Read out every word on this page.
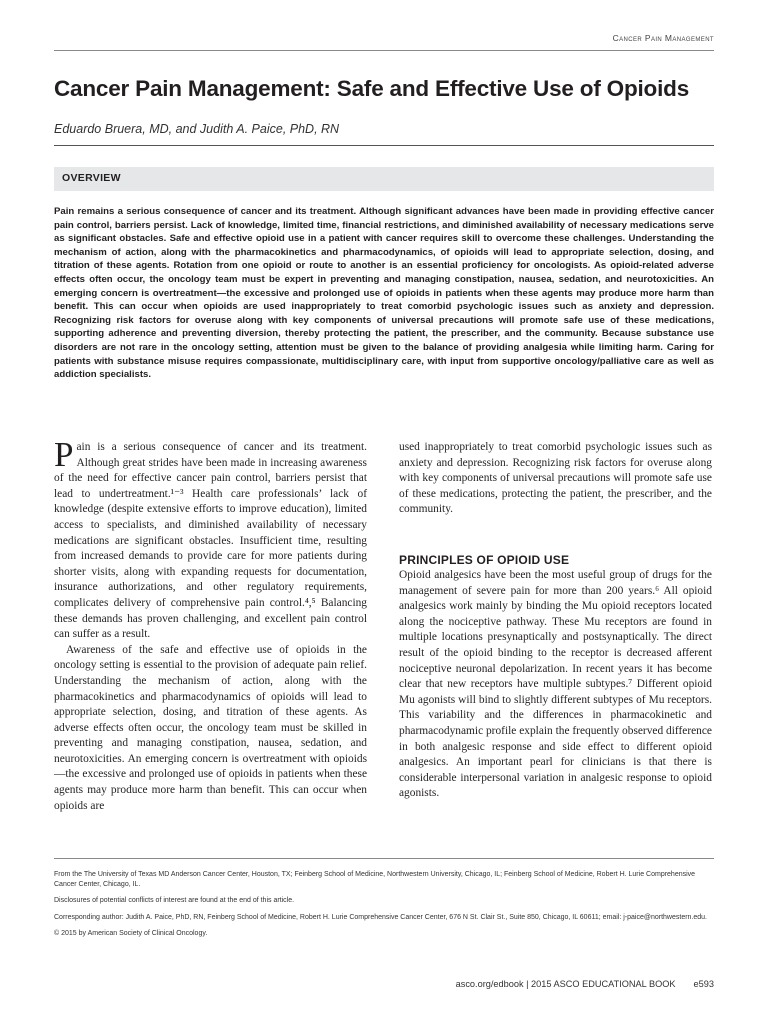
Cancer Pain Management
Cancer Pain Management: Safe and Effective Use of Opioids
Eduardo Bruera, MD, and Judith A. Paice, PhD, RN
OVERVIEW

Pain remains a serious consequence of cancer and its treatment. Although significant advances have been made in providing effective cancer pain control, barriers persist. Lack of knowledge, limited time, financial restrictions, and diminished availability of necessary medications serve as significant obstacles. Safe and effective opioid use in a patient with cancer requires skill to overcome these challenges. Understanding the mechanism of action, along with the pharmacokinetics and pharmacodynamics, of opioids will lead to appropriate selection, dosing, and titration of these agents. Rotation from one opioid or route to another is an essential proficiency for oncologists. As opioid-related adverse effects often occur, the oncology team must be expert in preventing and managing constipation, nausea, sedation, and neurotoxicities. An emerging concern is overtreatment—the excessive and prolonged use of opioids in patients when these agents may produce more harm than benefit. This can occur when opioids are used inappropriately to treat comorbid psychologic issues such as anxiety and depression. Recognizing risk factors for overuse along with key components of universal precautions will promote safe use of these medications, supporting adherence and preventing diversion, thereby protecting the patient, the prescriber, and the community. Because substance use disorders are not rare in the oncology setting, attention must be given to the balance of providing analgesia while limiting harm. Caring for patients with substance misuse requires compassionate, multidisciplinary care, with input from supportive oncology/palliative care as well as addiction specialists.

Pain is a serious consequence of cancer and its treatment. Although great strides have been made in increasing awareness of the need for effective cancer pain control, barriers persist that lead to undertreatment.¹⁻³ Health care professionals’ lack of knowledge (despite extensive efforts to improve education), limited access to specialists, and diminished availability of necessary medications are significant obstacles. Insufficient time, resulting from increased demands to provide care for more patients during shorter visits, along with expanding requests for documentation, insurance authorizations, and other regulatory requirements, complicates delivery of comprehensive pain control.⁴,⁵ Balancing these demands has proven challenging, and excellent pain control can suffer as a result.

Awareness of the safe and effective use of opioids in the oncology setting is essential to the provision of adequate pain relief. Understanding the mechanism of action, along with the pharmacokinetics and pharmacodynamics of opioids will lead to appropriate selection, dosing, and titration of these agents. As adverse effects often occur, the oncology team must be skilled in preventing and managing constipation, nausea, sedation, and neurotoxicities. An emerging concern is overtreatment with opioids—the excessive and prolonged use of opioids in patients when these agents may produce more harm than benefit. This can occur when opioids are

used inappropriately to treat comorbid psychologic issues such as anxiety and depression. Recognizing risk factors for overuse along with key components of universal precautions will promote safe use of these medications, protecting the patient, the prescriber, and the community.

PRINCIPLES OF OPIOID USE

Opioid analgesics have been the most useful group of drugs for the management of severe pain for more than 200 years.⁶ All opioid analgesics work mainly by binding the Mu opioid receptors located along the nociceptive pathway. These Mu receptors are found in multiple locations presynaptically and postsynaptically. The direct result of the opioid binding to the receptor is decreased afferent nociceptive neuronal depolarization. In recent years it has become clear that new receptors have multiple subtypes.⁷ Different opioid Mu agonists will bind to slightly different subtypes of Mu receptors. This variability and the differences in pharmacokinetic and pharmacodynamic profile explain the frequently observed difference in both analgesic response and side effect to different opioid analgesics. An important pearl for clinicians is that there is considerable interpersonal variation in analgesic response to opioid agonists.

From the The University of Texas MD Anderson Cancer Center, Houston, TX; Feinberg School of Medicine, Northwestern University, Chicago, IL; Feinberg School of Medicine, Robert H. Lurie Comprehensive Cancer Center, Chicago, IL.

Disclosures of potential conflicts of interest are found at the end of this article.

Corresponding author: Judith A. Paice, PhD, RN, Feinberg School of Medicine, Robert H. Lurie Comprehensive Cancer Center, 676 N St. Clair St., Suite 850, Chicago, IL 60611; email: j-paice@northwestern.edu.

© 2015 by American Society of Clinical Oncology.

asco.org/edbook | 2015 ASCO EDUCATIONAL BOOK e593
